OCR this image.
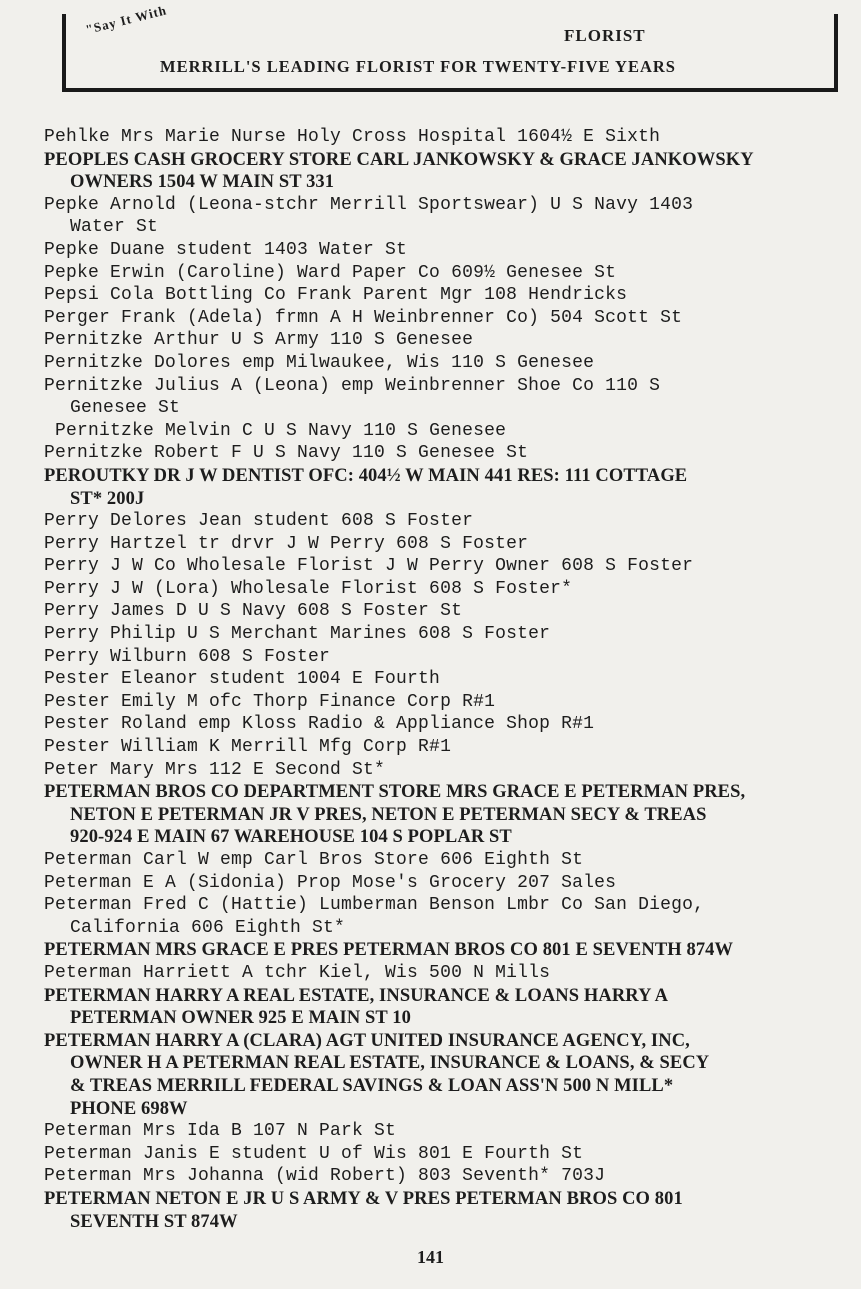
"Say It With	FLORIST
MERRILL'S LEADING FLORIST FOR TWENTY-FIVE YEARS
Pehlke Mrs Marie Nurse Holy Cross Hospital 1604½ E Sixth
PEOPLES CASH GROCERY STORE CARL JANKOWSKY & GRACE JANKOWSKY
OWNERS 1504 W MAIN ST 331
Pepke Arnold (Leona-stchr Merrill Sportswear) U S Navy 1403
Water St
Pepke Duane student 1403 Water St
Pepke Erwin (Caroline) Ward Paper Co 609½ Genesee St
Pepsi Cola Bottling Co Frank Parent Mgr 108 Hendricks
Perger Frank (Adela) frmn A H Weinbrenner Co) 504 Scott St
Pernitzke Arthur U S Army 110 S Genesee
Pernitzke Dolores emp Milwaukee, Wis 110 S Genesee
Pernitzke Julius A (Leona) emp Weinbrenner Shoe Co 110 S
Genesee St
Pernitzke Melvin C U S Navy 110 S Genesee
Pernitzke Robert F U S Navy 110 S Genesee St
PEROUTKY DR J W DENTIST OFC: 404½ W MAIN 441 RES: 111 COTTAGE
ST* 200J
Perry Delores Jean student 608 S Foster
Perry Hartzel tr drvr J W Perry 608 S Foster
Perry J W Co Wholesale Florist J W Perry Owner 608 S Foster
Perry J W (Lora) Wholesale Florist 608 S Foster*
Perry James D U S Navy 608 S Foster St
Perry Philip U S Merchant Marines 608 S Foster
Perry Wilburn 608 S Foster
Pester Eleanor student 1004 E Fourth
Pester Emily M ofc Thorp Finance Corp R#1
Pester Roland emp Kloss Radio & Appliance Shop R#1
Pester William K Merrill Mfg Corp R#1
Peter Mary Mrs 112 E Second St*
PETERMAN BROS CO DEPARTMENT STORE MRS GRACE E PETERMAN PRES,
NETON E PETERMAN JR V PRES, NETON E PETERMAN SECY & TREAS
920-924 E MAIN 67 WAREHOUSE 104 S POPLAR ST
Peterman Carl W emp Carl Bros Store 606 Eighth St
Peterman E A (Sidonia) Prop Mose's Grocery 207 Sales
Peterman Fred C (Hattie) Lumberman Benson Lmbr Co San Diego,
California 606 Eighth St*
PETERMAN MRS GRACE E PRES PETERMAN BROS CO 801 E SEVENTH 874W
Peterman Harriett A tchr Kiel, Wis 500 N Mills
PETERMAN HARRY A REAL ESTATE, INSURANCE & LOANS HARRY A
PETERMAN OWNER 925 E MAIN ST 10
PETERMAN HARRY A (CLARA) AGT UNITED INSURANCE AGENCY, INC,
OWNER H A PETERMAN REAL ESTATE, INSURANCE & LOANS, & SECY
& TREAS MERRILL FEDERAL SAVINGS & LOAN ASS'N 500 N MILL*
PHONE 698W
Peterman Mrs Ida B 107 N Park St
Peterman Janis E student U of Wis 801 E Fourth St
Peterman Mrs Johanna (wid Robert) 803 Seventh* 703J
PETERMAN NETON E JR U S ARMY & V PRES PETERMAN BROS CO 801
SEVENTH ST 874W
141
